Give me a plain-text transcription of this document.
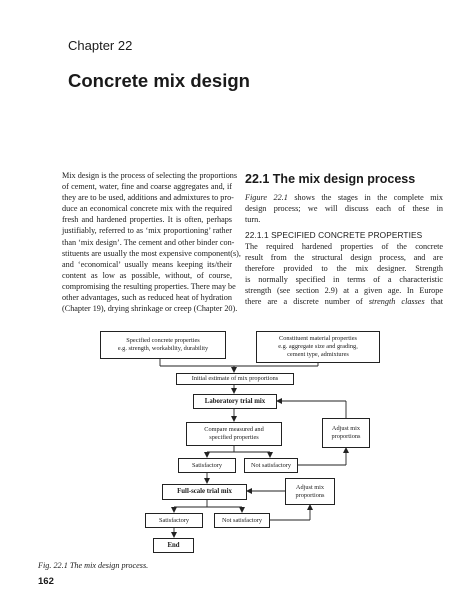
Chapter 22
Concrete mix design
Mix design is the process of selecting the proportions
of cement, water, fine and coarse aggregates and, if
they are to be used, additions and admixtures to pro-
duce an economical concrete mix with the required
fresh and hardened properties. It is often, perhaps
justifiably, referred to as ‘mix proportioning’ rather
than ‘mix design’. The cement and other binder con-
stituents are usually the most expensive component(s),
and ‘economical’ usually means keeping its/their
content as low as possible, without, of course,
compromising the resulting properties. There may be
other advantages, such as reduced heat of hydration
(Chapter 19), drying shrinkage or creep (Chapter 20).
22.1 The mix design process
Figure 22.1 shows the stages in the complete mix
design process; we will discuss each of these in
turn.
22.1.1 SPECIFIED CONCRETE PROPERTIES
The required hardened properties of the concrete
result from the structural design process, and are
therefore provided to the mix designer. Strength
is normally specified in terms of a characteristic
strength (see section 2.9) at a given age. In Europe
there are a discrete number of strength classes that
Specified concrete properties
e.g. strength, workability, durability
Constituent material properties
e.g. aggregate size and grading,
cement type, admixtures
Initial estimate of mix proportions
Laboratory trial mix
Compare measured and
specified properties
Adjust mix
proportions
Satisfactory	Not satisfactory
Full-scale trial mix
Adjust mix
proportions
Satisfactory	Not satisfactory
End
Fig. 22.1 The mix design process.
162
